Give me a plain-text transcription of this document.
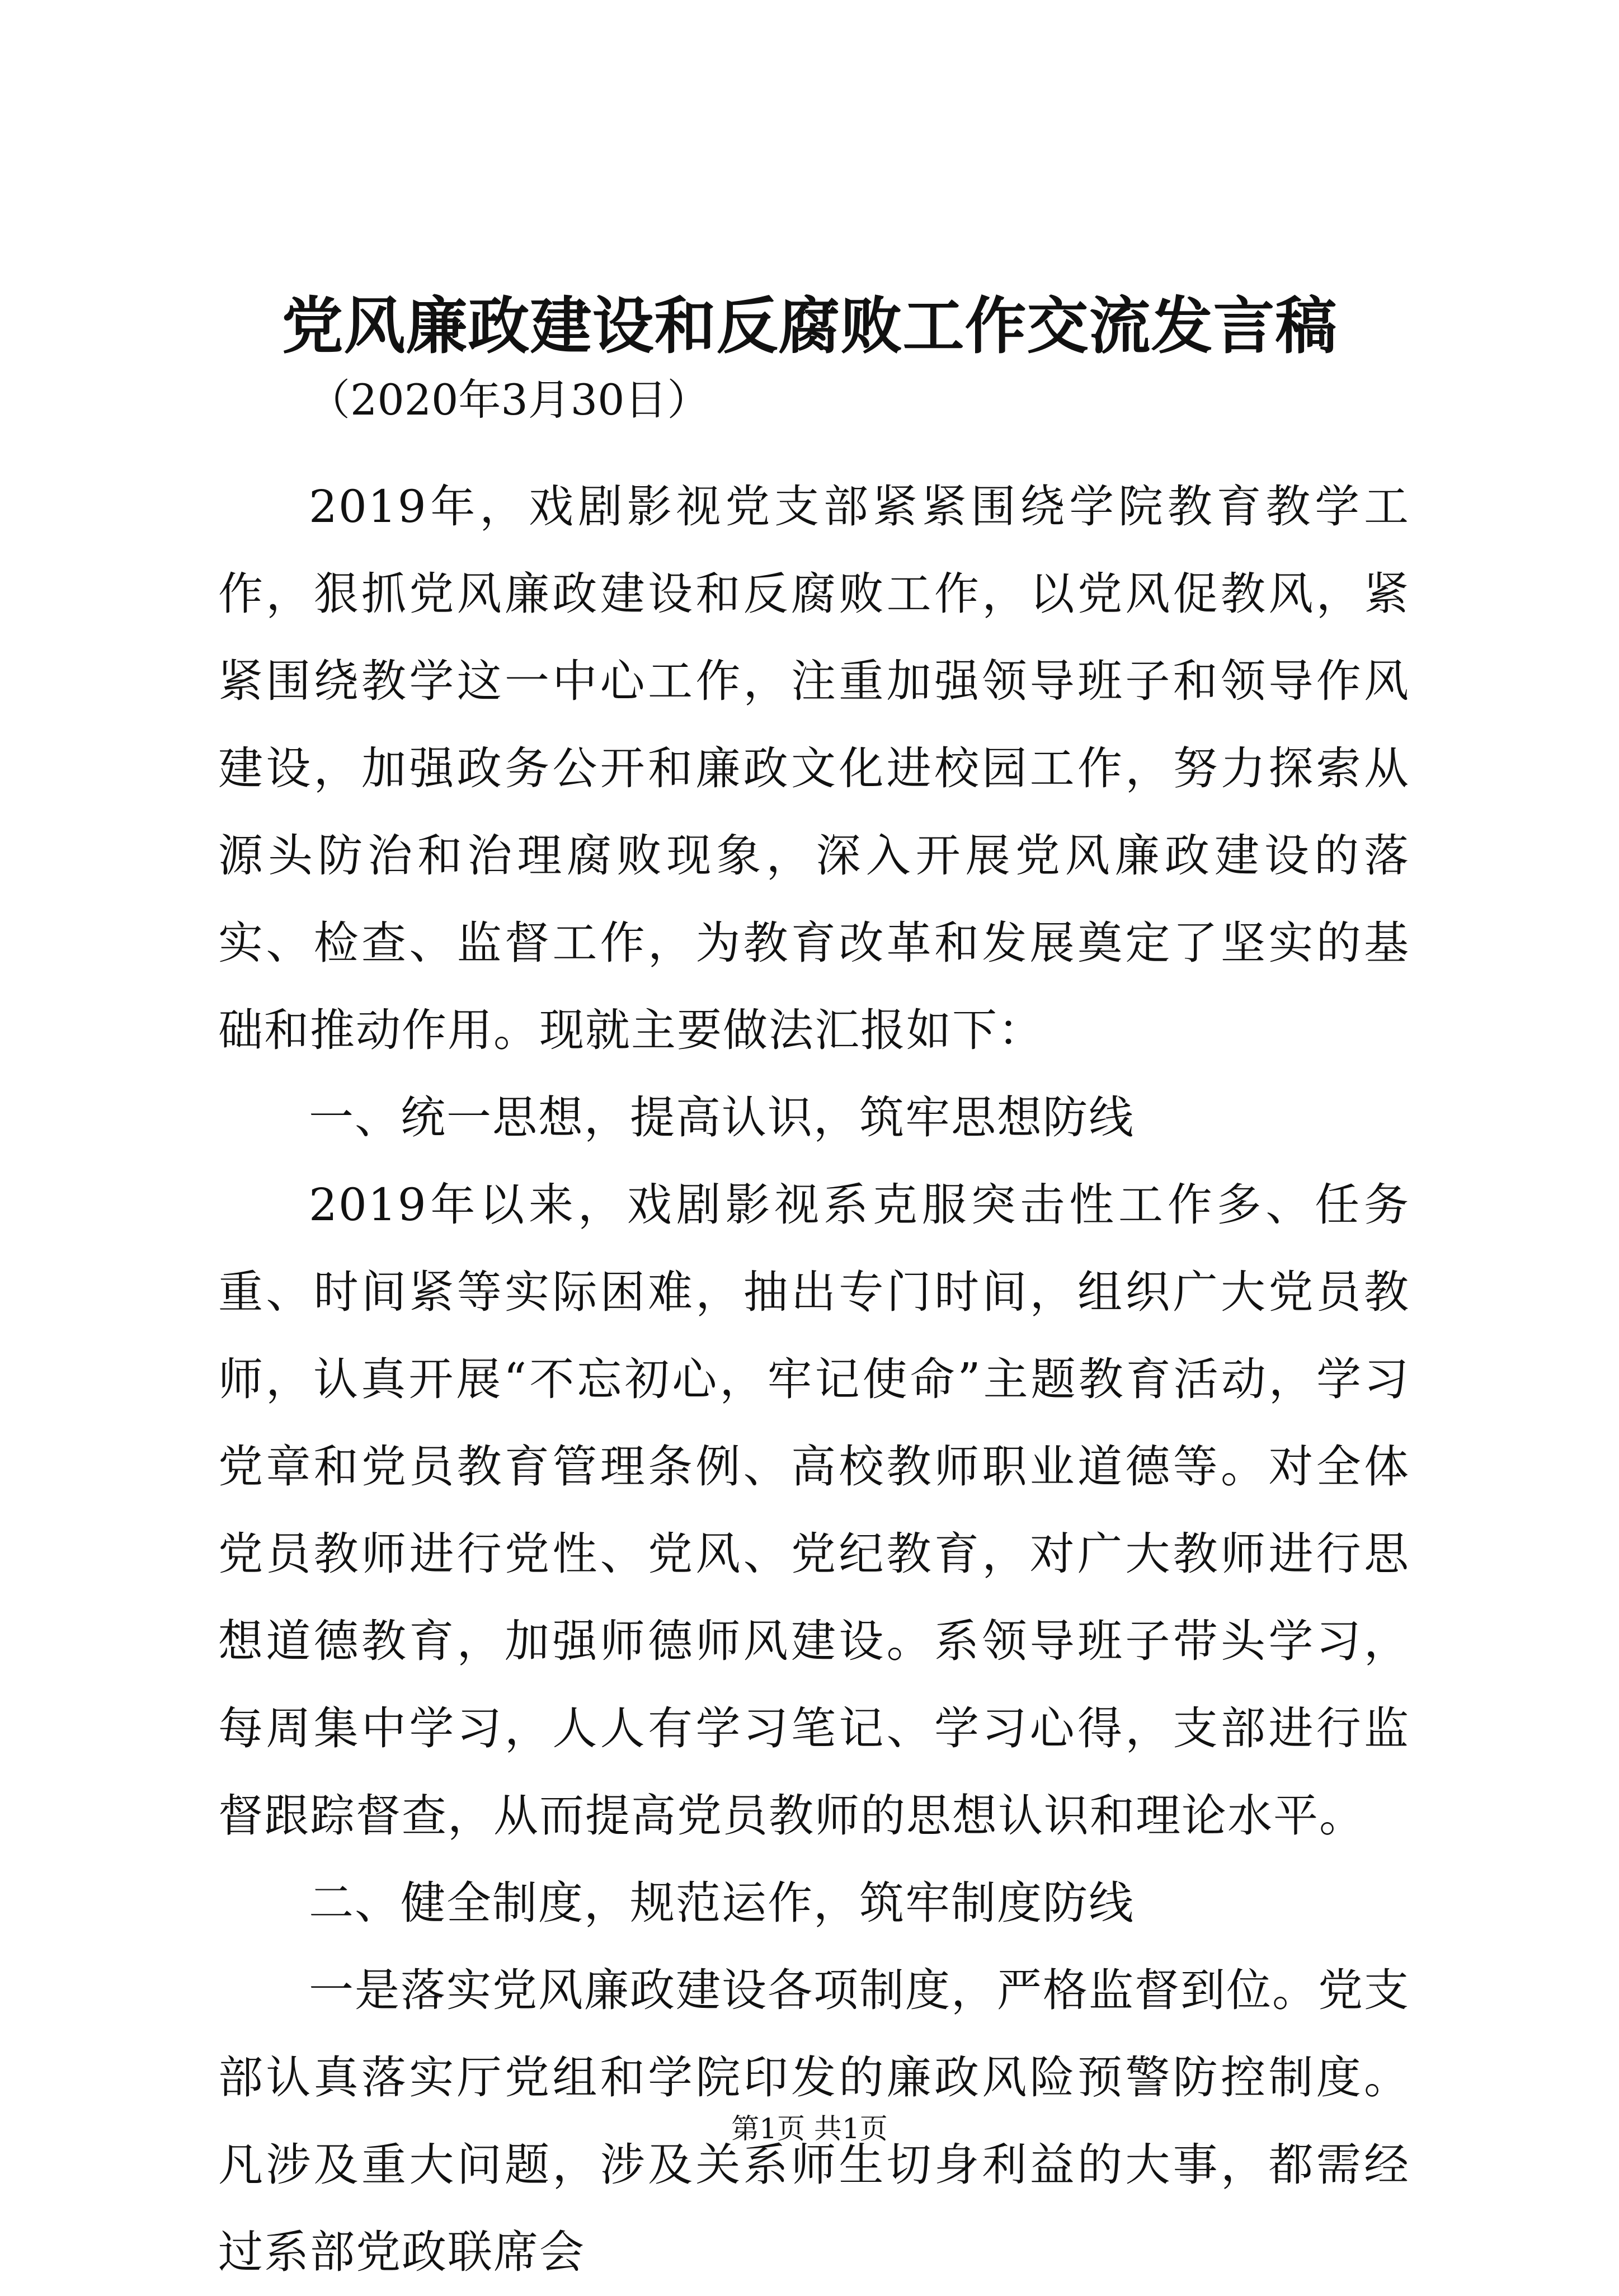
党风廉政建设和反腐败工作交流发言稿

（2020年3月30日）

2019年，戏剧影视党支部紧紧围绕学院教育教学工作，狠抓党风廉政建设和反腐败工作，以党风促教风，紧紧围绕教学这一中心工作，注重加强领导班子和领导作风建设，加强政务公开和廉政文化进校园工作，努力探索从源头防治和治理腐败现象，深入开展党风廉政建设的落实、检查、监督工作，为教育改革和发展奠定了坚实的基础和推动作用。现就主要做法汇报如下：

一、统一思想，提高认识，筑牢思想防线

2019年以来，戏剧影视系克服突击性工作多、任务重、时间紧等实际困难，抽出专门时间，组织广大党员教师，认真开展“不忘初心，牢记使命”主题教育活动，学习党章和党员教育管理条例、高校教师职业道德等。对全体党员教师进行党性、党风、党纪教育，对广大教师进行思想道德教育，加强师德师风建设。系领导班子带头学习，每周集中学习，人人有学习笔记、学习心得，支部进行监督跟踪督查，从而提高党员教师的思想认识和理论水平。

二、健全制度，规范运作，筑牢制度防线

一是落实党风廉政建设各项制度，严格监督到位。党支部认真落实厅党组和学院印发的廉政风险预警防控制度。凡涉及重大问题，涉及关系师生切身利益的大事，都需经过系部党政联席会

第1页 共1页
